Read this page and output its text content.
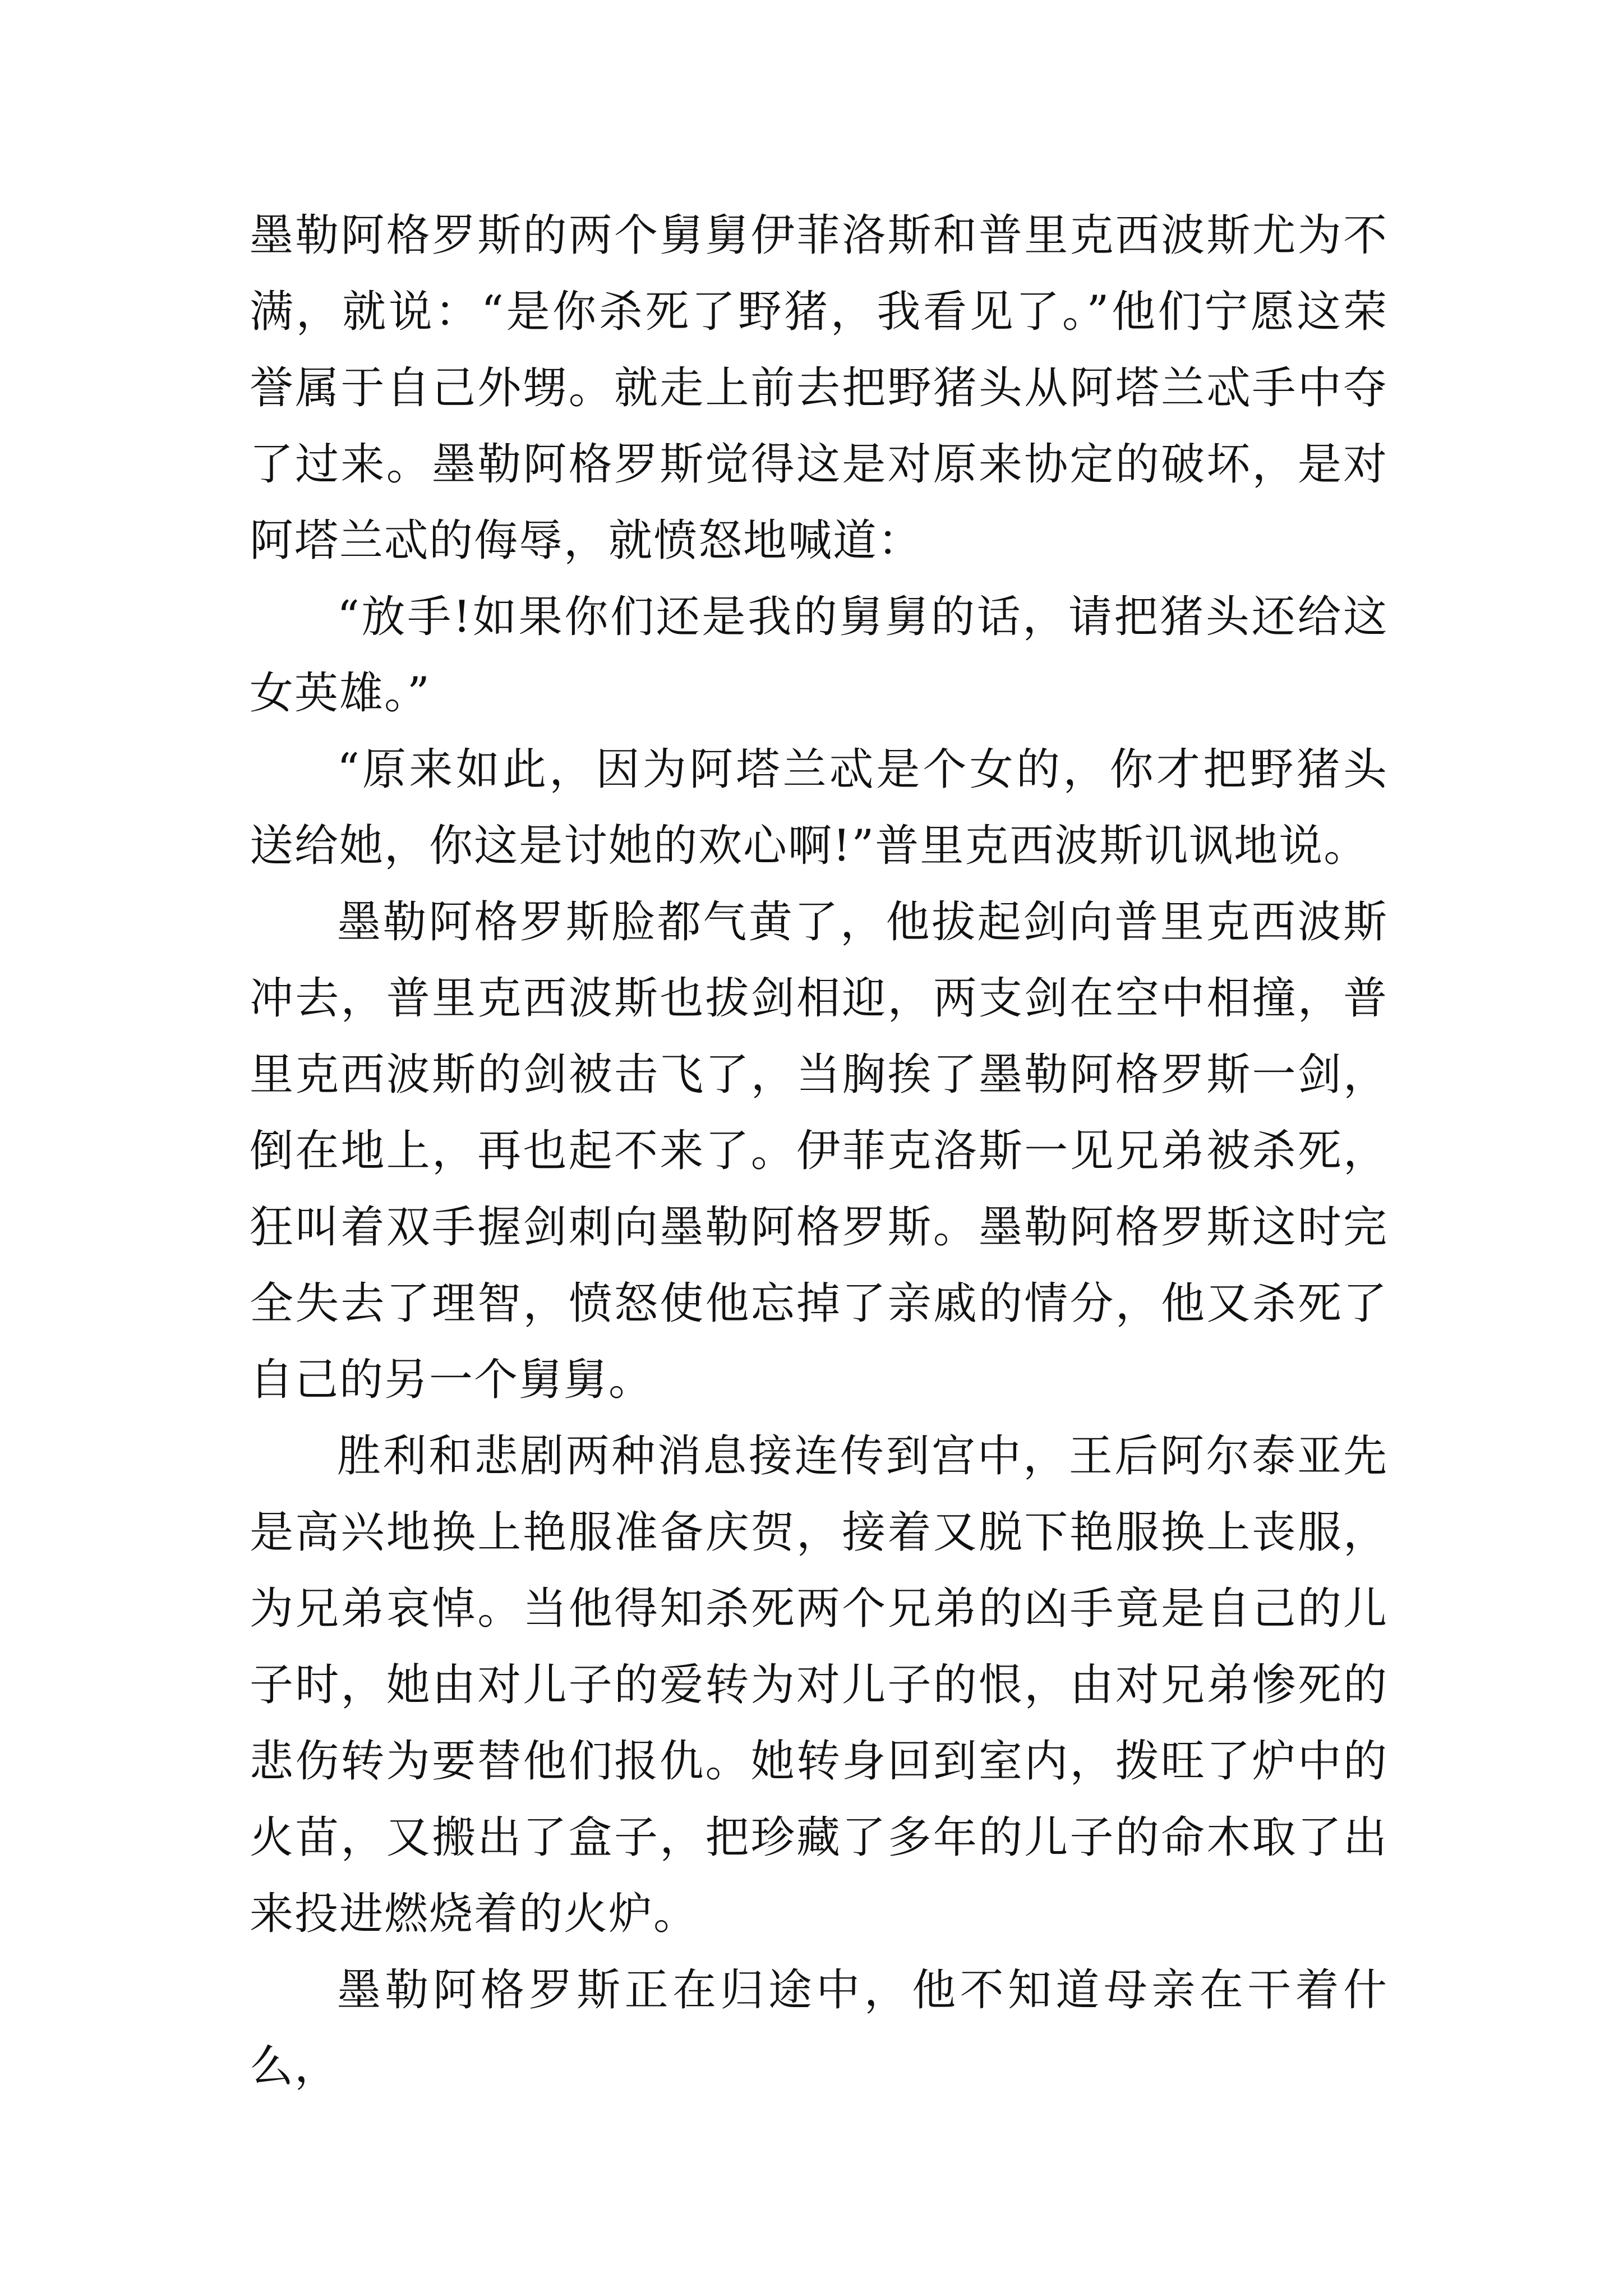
墨勒阿格罗斯的两个舅舅伊菲洛斯和普里克西波斯尤为不满，就说：“是你杀死了野猪，我看见了。”他们宁愿这荣誉属于自己外甥。就走上前去把野猪头从阿塔兰忒手中夺了过来。墨勒阿格罗斯觉得这是对原来协定的破坏，是对阿塔兰忒的侮辱，就愤怒地喊道：

“放手!如果你们还是我的舅舅的话，请把猪头还给这女英雄。”

“原来如此，因为阿塔兰忒是个女的，你才把野猪头送给她，你这是讨她的欢心啊!”普里克西波斯讥讽地说。

墨勒阿格罗斯脸都气黄了，他拔起剑向普里克西波斯冲去，普里克西波斯也拔剑相迎，两支剑在空中相撞，普里克西波斯的剑被击飞了，当胸挨了墨勒阿格罗斯一剑，倒在地上，再也起不来了。伊菲克洛斯一见兄弟被杀死，狂叫着双手握剑刺向墨勒阿格罗斯。墨勒阿格罗斯这时完全失去了理智，愤怒使他忘掉了亲戚的情分，他又杀死了自己的另一个舅舅。

胜利和悲剧两种消息接连传到宫中，王后阿尔泰亚先是高兴地换上艳服准备庆贺，接着又脱下艳服换上丧服，为兄弟哀悼。当他得知杀死两个兄弟的凶手竟是自己的儿子时，她由对儿子的爱转为对儿子的恨，由对兄弟惨死的悲伤转为要替他们报仇。她转身回到室内，拨旺了炉中的火苗，又搬出了盒子，把珍藏了多年的儿子的命木取了出来投进燃烧着的火炉。

墨勒阿格罗斯正在归途中，他不知道母亲在干着什么，
